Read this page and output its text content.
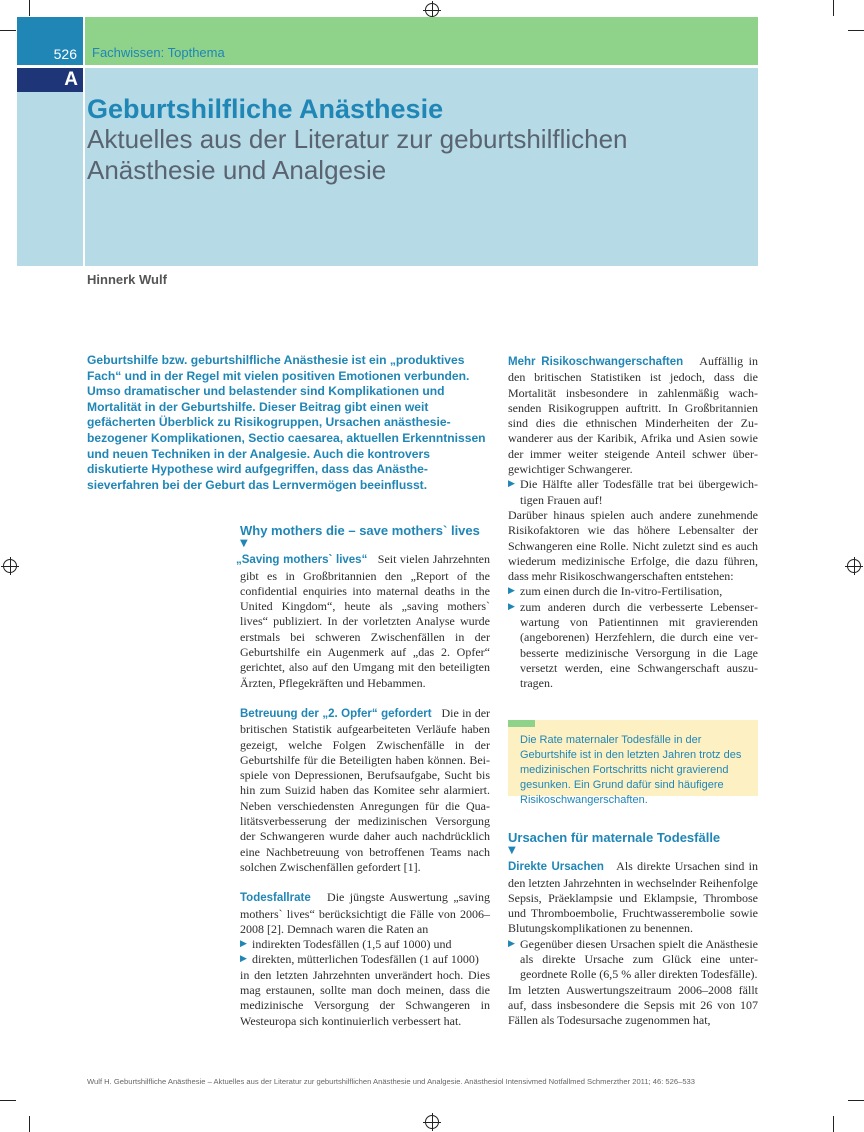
526	Fachwissen: Topthema
A
Geburtshilfliche Anästhesie
Aktuelles aus der Literatur zur geburtshilflichen Anästhesie und Analgesie
Hinnerk Wulf
Geburtshilfe bzw. geburtshilfliche Anästhesie ist ein „produktives Fach“ und in der Regel mit vielen positiven Emotionen verbunden. Umso dramatischer und belastender sind Komplikationen und Mortalität in der Geburtshilfe. Dieser Beitrag gibt einen weit gefächerten Überblick zu Risikogruppen, Ursachen anästhesiebezogener Komplikationen, Sectio caesarea, aktuellen Erkenntnissen und neuen Techniken in der Analgesie. Auch die kontrovers diskutierte Hypothese wird aufgegriffen, dass das Anästhesieverfahren bei der Geburt das Lernvermögen beeinflusst.

Why mothers die – save mothers` lives

▼

„Saving mothers` lives“ Seit vielen Jahrzehnten gibt es in Großbritannien den „Report of the confidential enquiries into maternal deaths in the United Kingdom“, heute als „saving mothers` lives“ publiziert. In der vorletzten Analyse wurde erstmals bei schweren Zwischenfällen in der Geburtshilfe ein Augenmerk auf „das 2. Opfer“ gerichtet, also auf den Umgang mit den beteiligten Ärzten, Pflegekräften und Hebammen.

Betreuung der „2. Opfer“ gefordert Die in der britischen Statistik aufgearbeiteten Verläufe haben gezeigt, welche Folgen Zwischenfälle in der Geburtshilfe für die Beteiligten haben können. Beispiele von Depressionen, Berufsaufgabe, Sucht bis hin zum Suizid haben das Komitee sehr alarmiert. Neben verschiedensten Anregungen für die Qualitätsverbesserung der medizinischen Versorgung der Schwangeren wurde daher auch nachdrücklich eine Nachbetreuung von betroffenen Teams nach solchen Zwischenfällen gefordert [1].

Todesfallrate Die jüngste Auswertung „saving mothers` lives“ berücksichtigt die Fälle von 2006–2008 [2]. Demnach waren die Raten an

▶ indirekten Todesfällen (1,5 auf 1000) und

▶ direkten, mütterlichen Todesfällen (1 auf 1000)

in den letzten Jahrzehnten unverändert hoch. Dies mag erstaunen, sollte man doch meinen, dass die medizinische Versorgung der Schwangeren in Westeuropa sich kontinuierlich verbessert hat.

Mehr Risikoschwangerschaften Auffällig in den britischen Statistiken ist jedoch, dass die Mortalität insbesondere in zahlenmäßig wachsenden Risikogruppen auftritt. In Großbritannien sind dies die ethnischen Minderheiten der Zuwanderer aus der Karibik, Afrika und Asien sowie der immer weiter steigende Anteil schwer übergewichtiger Schwangerer.

▶ Die Hälfte aller Todesfälle trat bei übergewichtigen Frauen auf!

Darüber hinaus spielen auch andere zunehmende Risikofaktoren wie das höhere Lebensalter der Schwangeren eine Rolle. Nicht zuletzt sind es auch wiederum medizinische Erfolge, die dazu führen, dass mehr Risikoschwangerschaften entstehen:

▶ zum einen durch die In-vitro-Fertilisation,

▶ zum anderen durch die verbesserte Lebenserwartung von Patientinnen mit gravierenden (angeborenen) Herzfehlern, die durch eine verbesserte medizinische Versorgung in die Lage versetzt werden, eine Schwangerschaft auszutragen.

Die Rate maternaler Todesfälle in der Geburtshife ist in den letzten Jahren trotz des medizinischen Fortschritts nicht gravierend gesunken. Ein Grund dafür sind häufigere Risikoschwangerschaften.

Ursachen für maternale Todesfälle

▼

Direkte Ursachen Als direkte Ursachen sind in den letzten Jahrzehnten in wechselnder Reihenfolge Sepsis, Präeklampsie und Eklampsie, Thrombose und Thromboembolie, Fruchtwasserembolie sowie Blutungskomplikationen zu benennen.

▶ Gegenüber diesen Ursachen spielt die Anästhesie als direkte Ursache zum Glück eine untergeordnete Rolle (6,5 % aller direkten Todesfälle).

Im letzten Auswertungszeitraum 2006–2008 fällt auf, dass insbesondere die Sepsis mit 26 von 107 Fällen als Todesursache zugenommen hat,

Wulf H. Geburtshilfliche Anästhesie – Aktuelles aus der Literatur zur geburtshilflichen Anästhesie und Analgesie. Anästhesiol Intensivmed Notfallmed Schmerzther 2011; 46: 526–533
